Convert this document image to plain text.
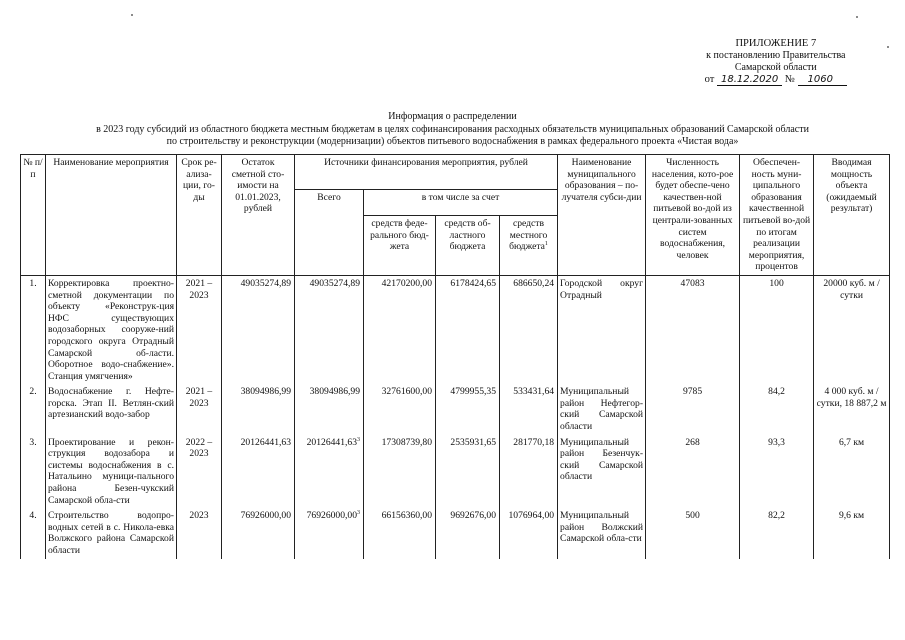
ПРИЛОЖЕНИЕ 7
к постановлению Правительства
Самарской области
от 18.12.2020 № 1060
Информация о распределении
в 2023 году субсидий из областного бюджета местным бюджетам в целях софинансирования расходных обязательств муниципальных образований Самарской области
по строительству и реконструкции (модернизации) объектов питьевого водоснабжения в рамках федерального проекта «Чистая вода»
№ п/п	Наименование мероприятия	Срок ре-ализа-ции, го-ды	Остаток сметной сто-имости на 01.01.2023, рублей	Источники финансирования мероприятия, рублей				Наименование муниципального образования – по-лучателя субси-дии	Численность населения, кото-рое будет обеспе-чено качествен-ной питьевой во-дой из централи-зованных систем водоснабжения, человек	Обеспечен-ность муни-ципального образования качественной питьевой во-дой по итогам реализации мероприятия, процентов	Вводимая мощность объекта (ожидаемый результат)
				Всего	в том числе за счет						
					средств феде-рального бюд-жета	средств об-ластного бюджета	средств местного бюджета$^1$
1.	Корректировка проектно-сметной документации по объекту «Реконструк-ция НФС существующих водозаборных сооруже-ний городского округа Отрадный Самарской об-ласти. Оборотное водо-снабжение». Станция умягчения»	2021 – 2023	49035274,89	49035274,89	42170200,00	6178424,65	686650,24	Городской округ Отрадный	47083	100	20000 куб. м / сутки
2.	Водоснабжение г. Нефте-горска. Этап II. Ветлян-ский артезианский водо-забор	2021 – 2023	38094986,99	38094986,99	32761600,00	4799955,35	533431,64	Муниципальный район Нефтегор-ский Самарской области	9785	84,2	4 000 куб. м / сутки, 18 887,2 м
3.	Проектирование и рекон-струкция водозабора и системы водоснабжения в с. Натальино муници-пального района Безен-чукский Самарской обла-сти	2022 – 2023	20126441,63	20126441,63$^3$	17308739,80	2535931,65	281770,18	Муниципальный район Безенчук-ский Самарской области	268	93,3	6,7 км
4.	Строительство водопро-водных сетей в с. Никола-евка Волжского района Самарской области	2023	76926000,00	76926000,00$^3$	66156360,00	9692676,00	1076964,00	Муниципальный район Волжский Самарской обла-сти	500	82,2	9,6 км
